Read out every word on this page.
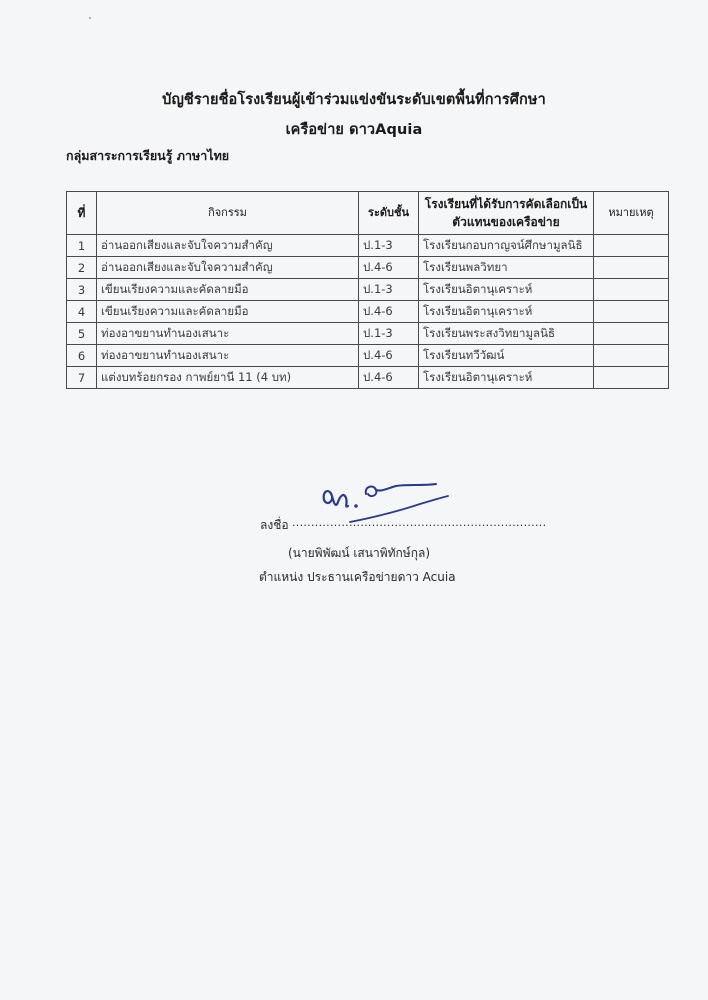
บัญชีรายชื่อโรงเรียนผู้เข้าร่วมแข่งขันระดับเขตพื้นที่การศึกษา
เครือข่าย ดาวAquia
กลุ่มสาระการเรียนรู้ ภาษาไทย
ที่	กิจกรรม	ระดับชั้น	โรงเรียนที่ได้รับการคัดเลือกเป็นตัวแทนของเครือข่าย	หมายเหตุ
1	อ่านออกเสียงและจับใจความสำคัญ	ป.1-3	โรงเรียนกอบกาญจน์ศึกษามูลนิธิ	
2	อ่านออกเสียงและจับใจความสำคัญ	ป.4-6	โรงเรียนพลวิทยา	
3	เขียนเรียงความและคัดลายมือ	ป.1-3	โรงเรียนอิตานุเคราะห์	
4	เขียนเรียงความและคัดลายมือ	ป.4-6	โรงเรียนอิตานุเคราะห์	
5	ท่องอาขยานทำนองเสนาะ	ป.1-3	โรงเรียนพระสงวิทยามูลนิธิ	
6	ท่องอาขยานทำนองเสนาะ	ป.4-6	โรงเรียนทวีวัฒน์	
7	แต่งบทร้อยกรอง กาพย์ยานี 11 (4 บท)	ป.4-6	โรงเรียนอิตานุเคราะห์	
ลงชื่อ ...................................................................
(นายพิพัฒน์ เสนาพิทักษ์กุล)
ตำแหน่ง ประธานเครือข่ายดาว Acuia
